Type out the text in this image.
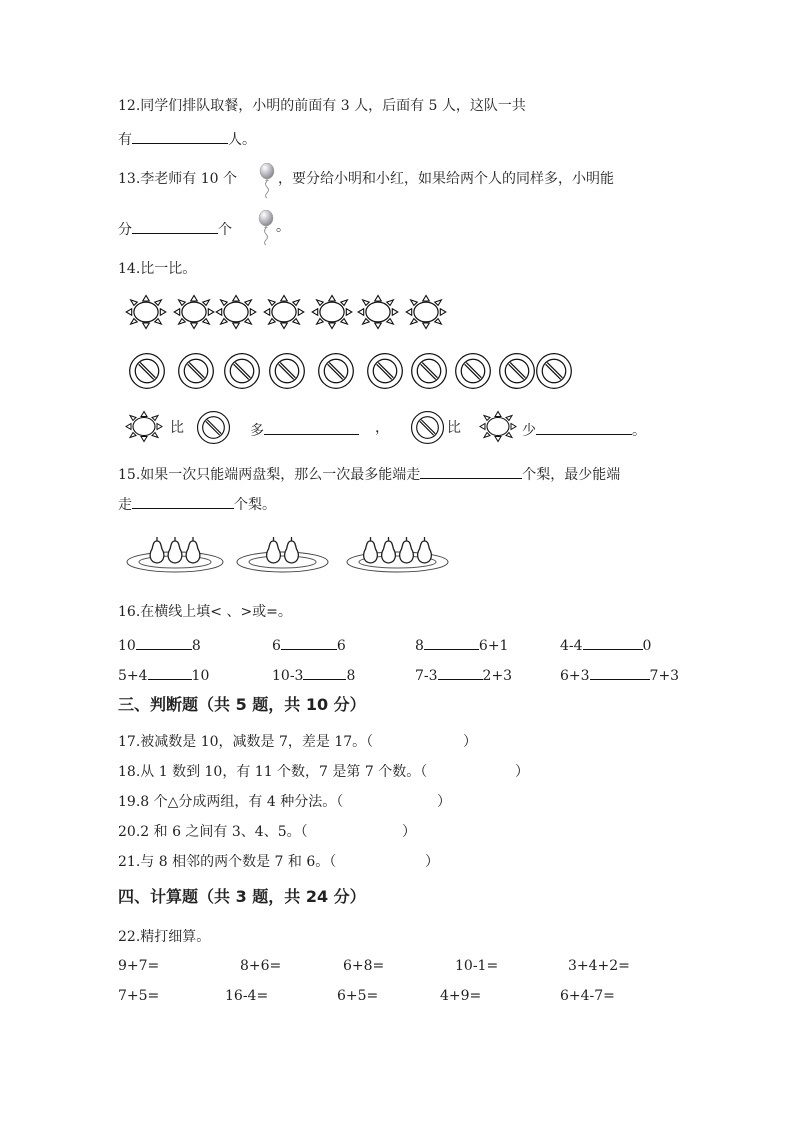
12.同学们排队取餐，小明的前面有 3 人，后面有 5 人，这队一共
有	人。
13.李老师有 10 个	，要分给小明和小红，如果给两个人的同样多，小明能
分	个	。
14.比一比。
比	多	，	比	少	。
15.如果一次只能端两盘梨，那么一次最多能端走	个梨，最少能端
走	个梨。
16.在横线上填< 、>或=。
10	8	6	6	8	6+1	4-4	0
5+4	10	10-3	8	7-3	2+3	6+3	7+3
三、判断题（共 5 题，共 10 分）
17.被减数是 10，减数是 7，差是 17。（	）
18.从 1 数到 10，有 11 个数，7 是第 7 个数。（	）
19.8 个△分成两组，有 4 种分法。（	）
20.2 和 6 之间有 3、4、5。（	）
21.与 8 相邻的两个数是 7 和 6。（	）
四、计算题（共 3 题，共 24 分）
22.精打细算。
9+7=	8+6=	6+8=	10-1=	3+4+2=
7+5=	16-4=	6+5=	4+9=	6+4-7=
